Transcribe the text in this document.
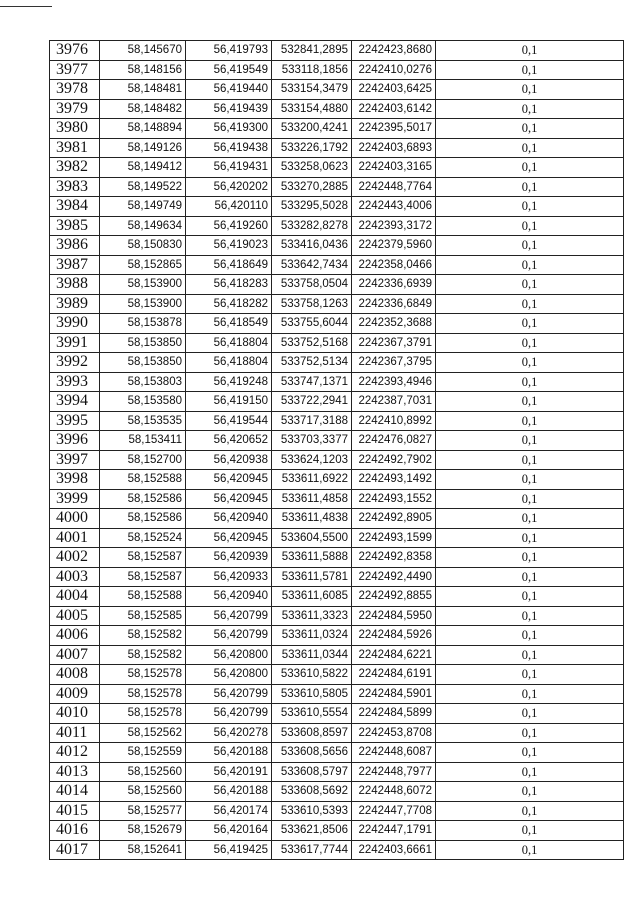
3976	58,145670	56,419793	532841,2895	2242423,8680	0,1
3977	58,148156	56,419549	533118,1856	2242410,0276	0,1
3978	58,148481	56,419440	533154,3479	2242403,6425	0,1
3979	58,148482	56,419439	533154,4880	2242403,6142	0,1
3980	58,148894	56,419300	533200,4241	2242395,5017	0,1
3981	58,149126	56,419438	533226,1792	2242403,6893	0,1
3982	58,149412	56,419431	533258,0623	2242403,3165	0,1
3983	58,149522	56,420202	533270,2885	2242448,7764	0,1
3984	58,149749	56,420110	533295,5028	2242443,4006	0,1
3985	58,149634	56,419260	533282,8278	2242393,3172	0,1
3986	58,150830	56,419023	533416,0436	2242379,5960	0,1
3987	58,152865	56,418649	533642,7434	2242358,0466	0,1
3988	58,153900	56,418283	533758,0504	2242336,6939	0,1
3989	58,153900	56,418282	533758,1263	2242336,6849	0,1
3990	58,153878	56,418549	533755,6044	2242352,3688	0,1
3991	58,153850	56,418804	533752,5168	2242367,3791	0,1
3992	58,153850	56,418804	533752,5134	2242367,3795	0,1
3993	58,153803	56,419248	533747,1371	2242393,4946	0,1
3994	58,153580	56,419150	533722,2941	2242387,7031	0,1
3995	58,153535	56,419544	533717,3188	2242410,8992	0,1
3996	58,153411	56,420652	533703,3377	2242476,0827	0,1
3997	58,152700	56,420938	533624,1203	2242492,7902	0,1
3998	58,152588	56,420945	533611,6922	2242493,1492	0,1
3999	58,152586	56,420945	533611,4858	2242493,1552	0,1
4000	58,152586	56,420940	533611,4838	2242492,8905	0,1
4001	58,152524	56,420945	533604,5500	2242493,1599	0,1
4002	58,152587	56,420939	533611,5888	2242492,8358	0,1
4003	58,152587	56,420933	533611,5781	2242492,4490	0,1
4004	58,152588	56,420940	533611,6085	2242492,8855	0,1
4005	58,152585	56,420799	533611,3323	2242484,5950	0,1
4006	58,152582	56,420799	533611,0324	2242484,5926	0,1
4007	58,152582	56,420800	533611,0344	2242484,6221	0,1
4008	58,152578	56,420800	533610,5822	2242484,6191	0,1
4009	58,152578	56,420799	533610,5805	2242484,5901	0,1
4010	58,152578	56,420799	533610,5554	2242484,5899	0,1
4011	58,152562	56,420278	533608,8597	2242453,8708	0,1
4012	58,152559	56,420188	533608,5656	2242448,6087	0,1
4013	58,152560	56,420191	533608,5797	2242448,7977	0,1
4014	58,152560	56,420188	533608,5692	2242448,6072	0,1
4015	58,152577	56,420174	533610,5393	2242447,7708	0,1
4016	58,152679	56,420164	533621,8506	2242447,1791	0,1
4017	58,152641	56,419425	533617,7744	2242403,6661	0,1
